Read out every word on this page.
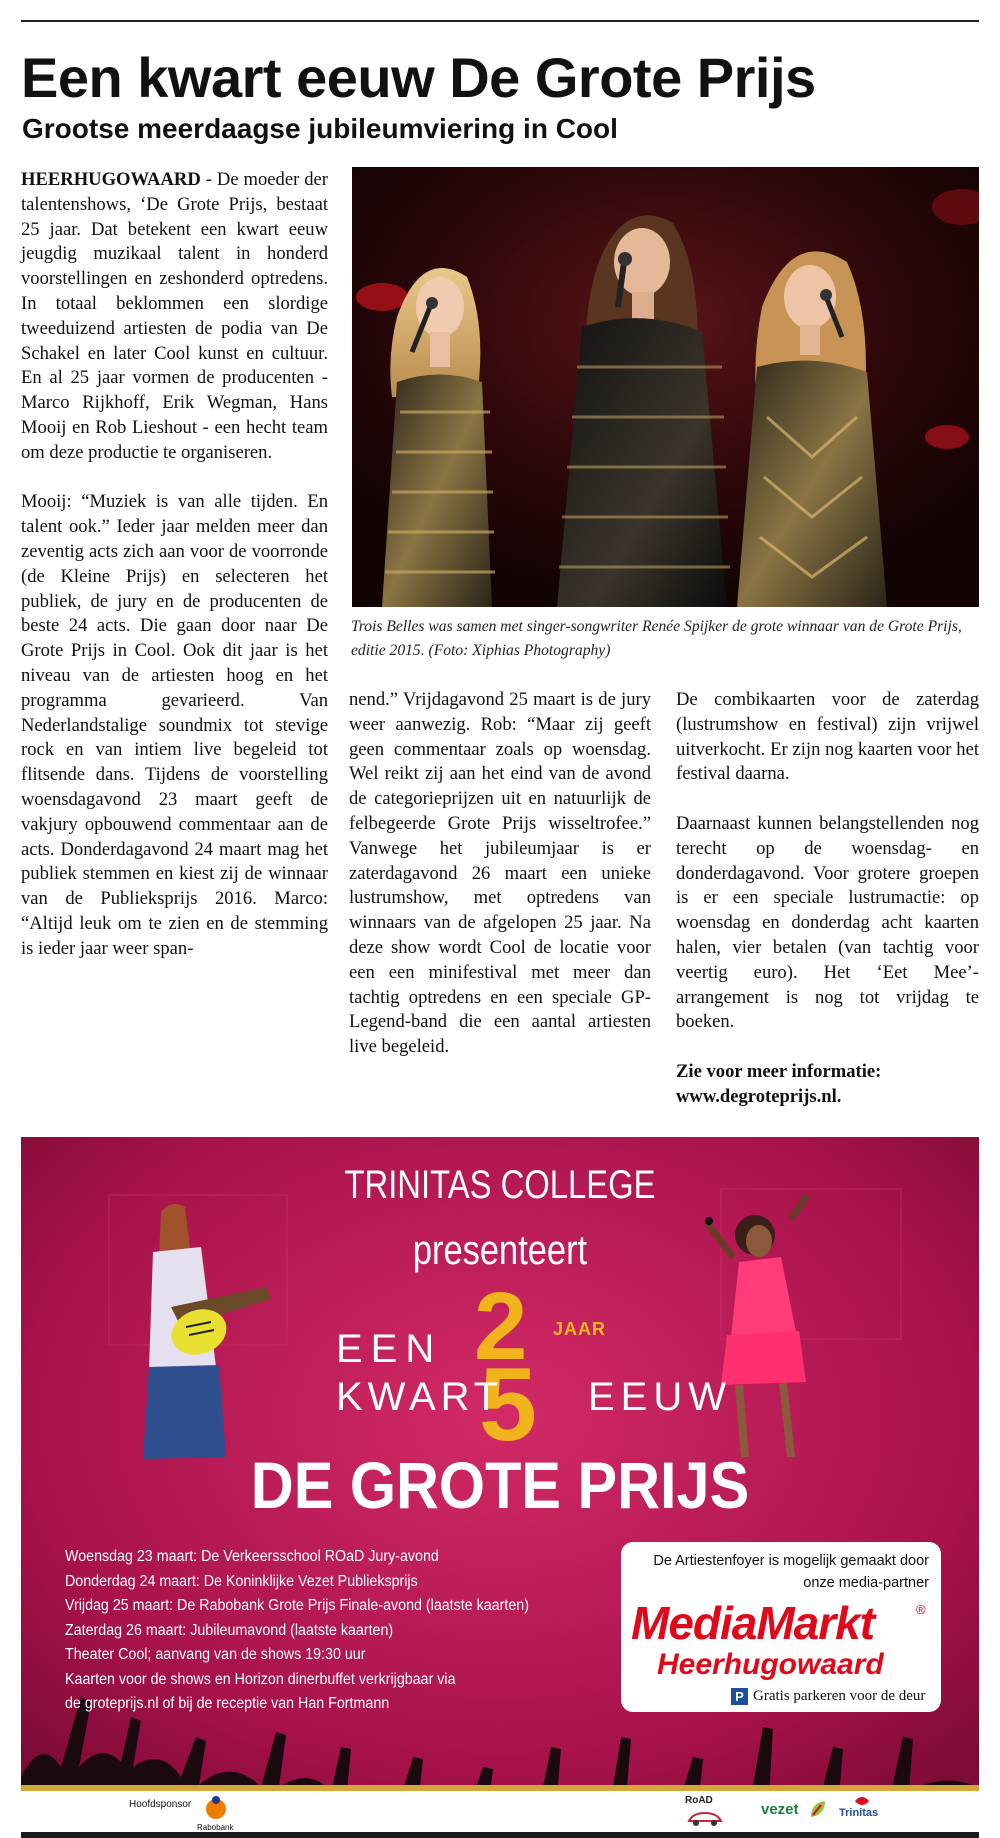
Een kwart eeuw De Grote Prijs
Grootse meerdaagse jubileumviering in Cool

HEERHUGOWAARD - De moeder der talentenshows, ‘De Grote Prijs, bestaat 25 jaar. Dat betekent een kwart eeuw jeugdig muzikaal talent in honderd voorstellingen en zeshonderd optredens. In totaal beklommen een slordige tweeduizend artiesten de podia van De Schakel en later Cool kunst en cultuur. En al 25 jaar vormen de producenten - Marco Rijkhoff, Erik Wegman, Hans Mooij en Rob Lieshout - een hecht team om deze productie te organiseren.

Mooij: “Muziek is van alle tijden. En talent ook.” Ieder jaar melden meer dan zeventig acts zich aan voor de voorronde (de Kleine Prijs) en selecteren het publiek, de jury en de producenten de beste 24 acts. Die gaan door naar De Grote Prijs in Cool. Ook dit jaar is het niveau van de artiesten hoog en het programma gevarieerd. Van Nederlandstalige soundmix tot stevige rock en van intiem live begeleid tot flitsende dans. Tijdens de voorstelling woensdagavond 23 maart geeft de vakjury opbouwend commentaar aan de acts. Donderdagavond 24 maart mag het publiek stemmen en kiest zij de winnaar van de Publieksprijs 2016. Marco: “Altijd leuk om te zien en de stemming is ieder jaar weer span-

Trois Belles was samen met singer-songwriter Renée Spijker de grote winnaar van de Grote Prijs, editie 2015. (Foto: Xiphias Photography)

nend.” Vrijdagavond 25 maart is de jury weer aanwezig. Rob: “Maar zij geeft geen commentaar zoals op woensdag. Wel reikt zij aan het eind van de avond de categorieprijzen uit en natuurlijk de felbegeerde Grote Prijs wisseltrofee.” Vanwege het jubileumjaar is er zaterdagavond 26 maart een unieke lustrumshow, met optredens van winnaars van de afgelopen 25 jaar. Na deze show wordt Cool de locatie voor een een minifestival met meer dan tachtig optredens en een speciale GP-Legend-band die een aantal artiesten live begeleid.

De combikaarten voor de zaterdag (lustrumshow en festival) zijn vrijwel uitverkocht. Er zijn nog kaarten voor het festival daarna.

Daarnaast kunnen belangstellenden nog terecht op de woensdag- en donderdagavond. Voor grotere groepen is er een speciale lustrumactie: op woensdag en donderdag acht kaarten halen, vier betalen (van tachtig voor veertig euro). Het ‘Eet Mee’-arrangement is nog tot vrijdag te boeken.

Zie voor meer informatie:
www.degroteprijs.nl.

TRINITAS COLLEGE
presenteert
2
5
JAAR
EEN
KWART EEUW
DE GROTE PRIJS
Woensdag 23 maart: De Verkeersschool ROaD Jury-avond
Donderdag 24 maart: De Koninklijke Vezet Publieksprijs
Vrijdag 25 maart: De Rabobank Grote Prijs Finale-avond (laatste kaarten)
Zaterdag 26 maart: Jubileumavond (laatste kaarten)
Theater Cool; aanvang van de shows 19:30 uur
Kaarten voor de shows en Horizon dinerbuffet verkrijgbaar via
de groteprijs.nl of bij de receptie van Han Fortmann
De Artiestenfoyer is mogelijk gemaakt door
onze media-partner
MediaMarkt	®
Heerhugowaard
P Gratis parkeren voor de deur
Hoofdsponsor
Rabobank
RoAD
vezet	Trinitas
